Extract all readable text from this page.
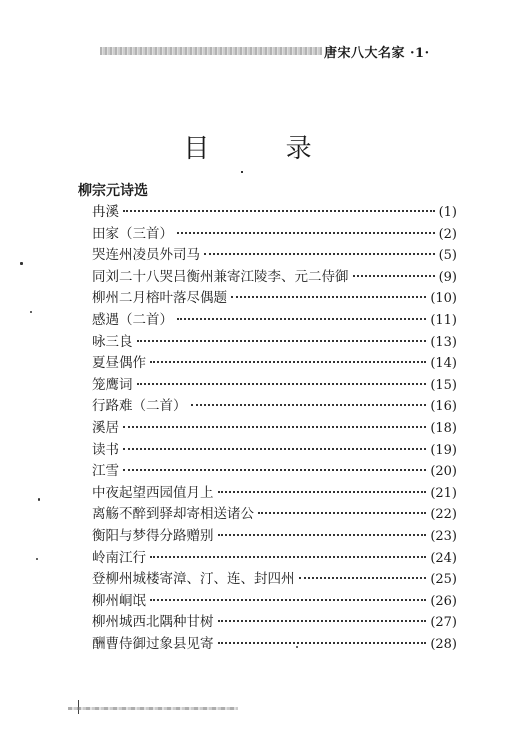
唐宋八大名家 ·1·
目 录
柳宗元诗选
冉溪	(1)
田家（三首）	(2)
哭连州凌员外司马	(5)
同刘二十八哭吕衡州兼寄江陵李、元二侍御	(9)
柳州二月榕叶落尽偶题	(10)
感遇（二首）	(11)
咏三良	(13)
夏昼偶作	(14)
笼鹰词	(15)
行路难（二首）	(16)
溪居	(18)
读书	(19)
江雪	(20)
中夜起望西园值月上	(21)
离觞不醉到驿却寄相送诸公	(22)
衡阳与梦得分路赠别	(23)
岭南江行	(24)
登柳州城楼寄漳、汀、连、封四州	(25)
柳州峒氓	(26)
柳州城西北隅种甘树	(27)
酬曹侍御过象县见寄	(28)
